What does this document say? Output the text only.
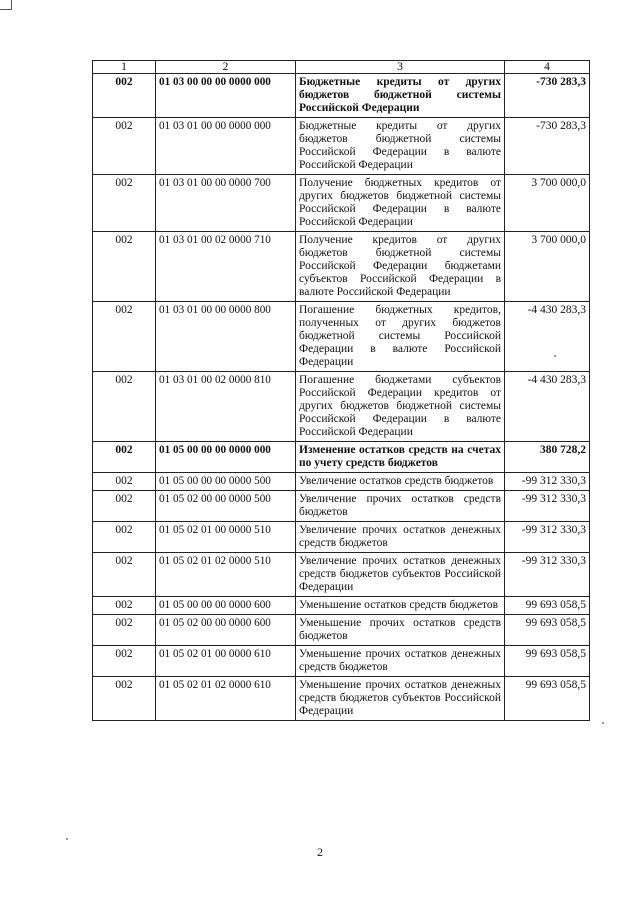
1	2	3	4
002	01 03 00 00 00 0000 000	Бюджетные кредиты от других бюджетов бюджетной системы Российской Федерации	-730 283,3
002	01 03 01 00 00 0000 000	Бюджетные кредиты от других бюджетов бюджетной системы Российской Федерации в валюте Российской Федерации	-730 283,3
002	01 03 01 00 00 0000 700	Получение бюджетных кредитов от других бюджетов бюджетной системы Российской Федерации в валюте Российской Федерации	3 700 000,0
002	01 03 01 00 02 0000 710	Получение кредитов от других бюджетов бюджетной системы Российской Федерации бюджетами субъектов Российской Федерации в валюте Российской Федерации	3 700 000,0
002	01 03 01 00 00 0000 800	Погашение бюджетных кредитов, полученных от других бюджетов бюджетной системы Российской Федерации в валюте Российской Федерации	-4 430 283,3
002	01 03 01 00 02 0000 810	Погашение бюджетами субъектов Российской Федерации кредитов от других бюджетов бюджетной системы Российской Федерации в валюте Российской Федерации	-4 430 283,3
002	01 05 00 00 00 0000 000	Изменение остатков средств на счетах по учету средств бюджетов	380 728,2
002	01 05 00 00 00 0000 500	Увеличение остатков средств бюджетов	-99 312 330,3
002	01 05 02 00 00 0000 500	Увеличение прочих остатков средств бюджетов	-99 312 330,3
002	01 05 02 01 00 0000 510	Увеличение прочих остатков денежных средств бюджетов	-99 312 330,3
002	01 05 02 01 02 0000 510	Увеличение прочих остатков денежных средств бюджетов субъектов Российской Федерации	-99 312 330,3
002	01 05 00 00 00 0000 600	Уменьшение остатков средств бюджетов	99 693 058,5
002	01 05 02 00 00 0000 600	Уменьшение прочих остатков средств бюджетов	99 693 058,5
002	01 05 02 01 00 0000 610	Уменьшение прочих остатков денежных средств бюджетов	99 693 058,5
002	01 05 02 01 02 0000 610	Уменьшение прочих остатков денежных средств бюджетов субъектов Российской Федерации	99 693 058,5
2
